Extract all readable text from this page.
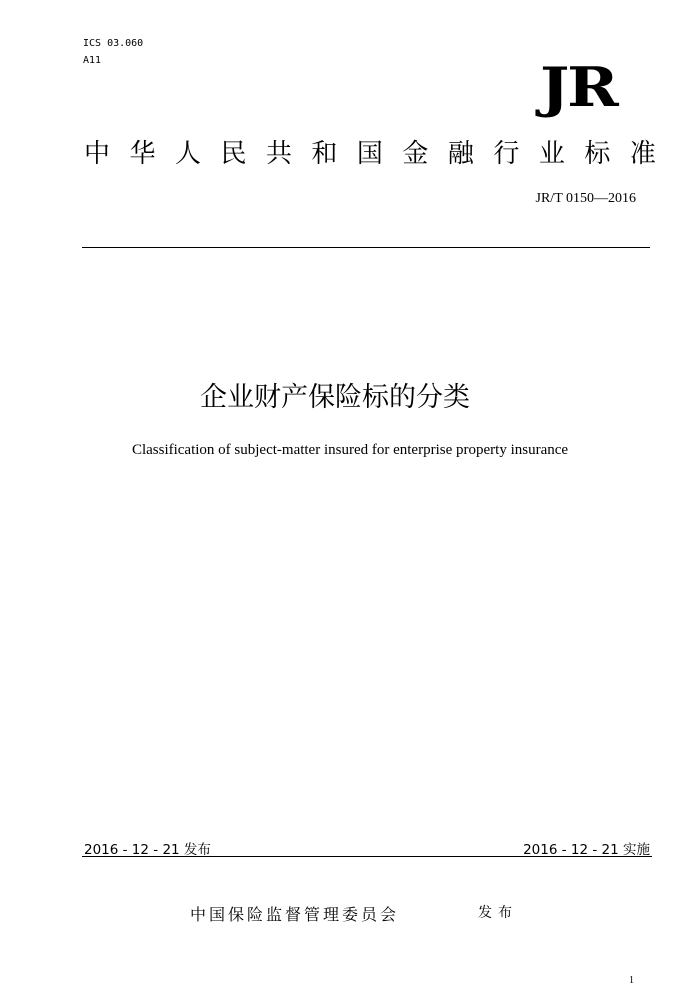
ICS 03.060
A11	JR
中 华 人 民 共 和 国 金 融 行 业 标 准
JR/T 0150—2016
企业财产保险标的分类
Classification of subject-matter insured for enterprise property insurance
2016 - 12 - 21 发布	2016 - 12 - 21 实施
中国保险监督管理委员会	发布
1
